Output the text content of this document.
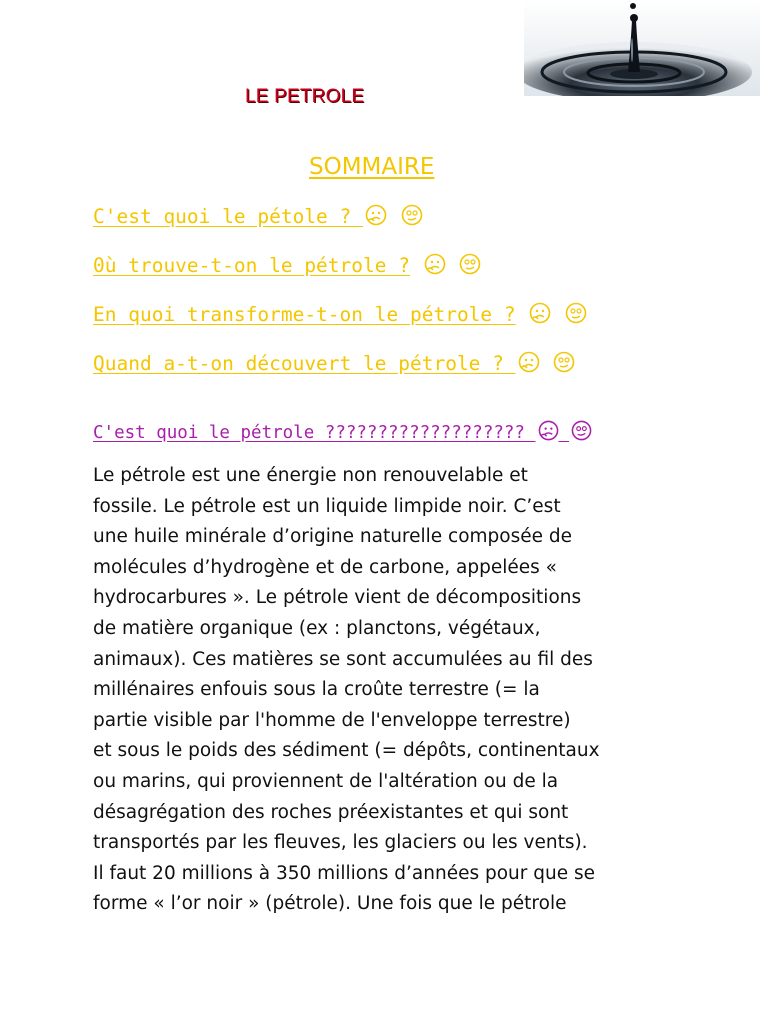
LE PETROLE
SOMMAIRE
C'est quoi le pétole ?
0ù trouve-t-on le pétrole ?
En quoi transforme-t-on le pétrole ?
Quand a-t-on découvert le pétrole ?
C'est quoi le pétrole ???????????????????

Le pétrole est une énergie non renouvelable et
fossile. Le pétrole est un liquide limpide noir. C’est
une huile minérale d’origine naturelle composée de
molécules d’hydrogène et de carbone, appelées «
hydrocarbures ». Le pétrole vient de décompositions
de matière organique (ex : planctons, végétaux,
animaux). Ces matières se sont accumulées au fil des
millénaires enfouis sous la croûte terrestre (= la
partie visible par l'homme de l'enveloppe terrestre)
et sous le poids des sédiment (= dépôts, continentaux
ou marins, qui proviennent de l'altération ou de la
désagrégation des roches préexistantes et qui sont
transportés par les fleuves, les glaciers ou les vents).
Il faut 20 millions à 350 millions d’années pour que se
forme « l’or noir » (pétrole). Une fois que le pétrole
